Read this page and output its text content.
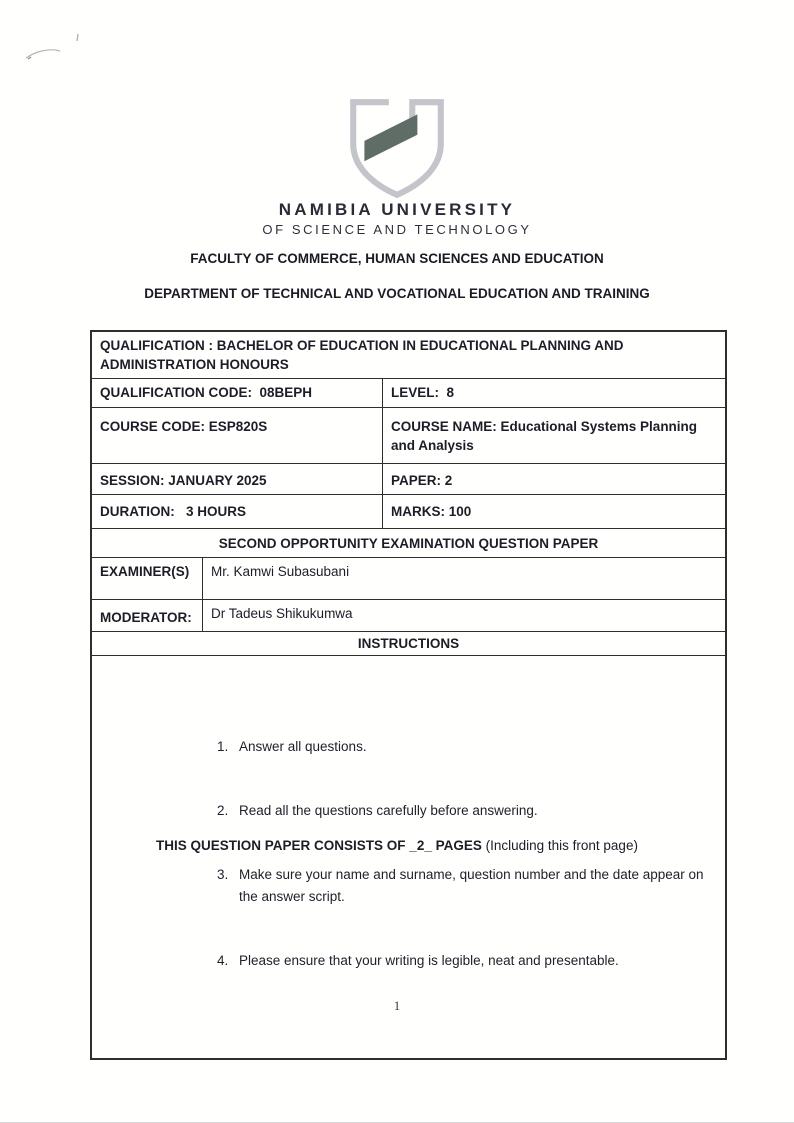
NAMIBIA UNIVERSITY
OF SCIENCE AND TECHNOLOGY
FACULTY OF COMMERCE, HUMAN SCIENCES AND EDUCATION
DEPARTMENT OF TECHNICAL AND VOCATIONAL EDUCATION AND TRAINING
QUALIFICATION : BACHELOR OF EDUCATION IN EDUCATIONAL PLANNING AND ADMINISTRATION HONOURS
QUALIFICATION CODE:  08BEPH	LEVEL:  8
COURSE CODE: ESP820S	COURSE NAME: Educational Systems Planning and Analysis
SESSION: JANUARY 2025	PAPER: 2
DURATION:   3 HOURS	MARKS: 100
SECOND OPPORTUNITY EXAMINATION QUESTION PAPER
EXAMINER(S)	Mr. Kamwi Subasubani
MODERATOR:	Dr Tadeus Shikukumwa
INSTRUCTIONS

1. Answer all questions.

2. Read all the questions carefully before answering.

3. Make sure your name and surname, question number and the date appear on the answer script.

4. Please ensure that your writing is legible, neat and presentable.

THIS QUESTION PAPER CONSISTS OF _2_ PAGES (Including this front page)
1
